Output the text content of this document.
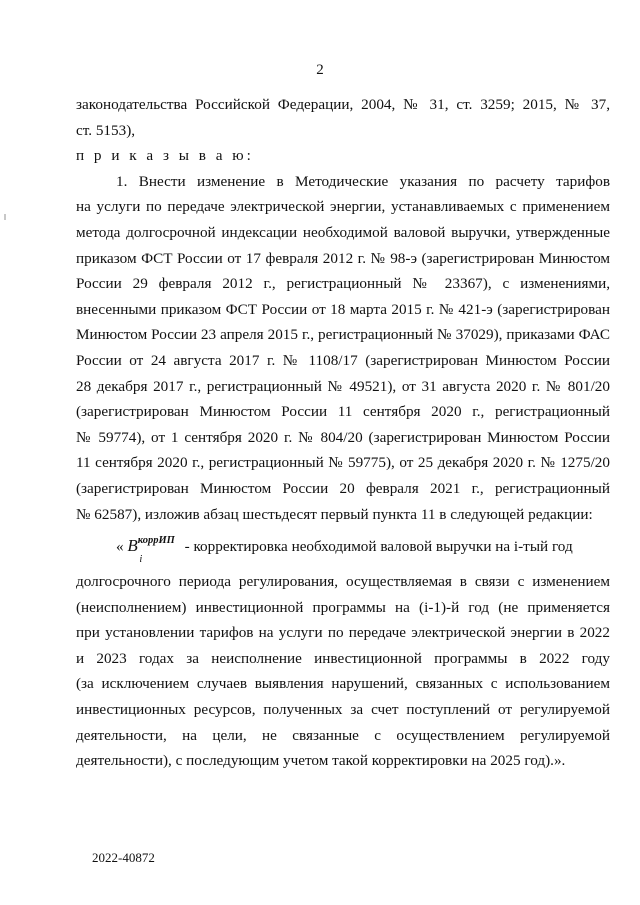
2

законодательства Российской Федерации, 2004, № 31, ст. 3259; 2015, № 37,
ст. 5153),

п р и к а з ы в а ю:

1. Внести изменение в Методические указания по расчету тарифов
на услуги по передаче электрической энергии, устанавливаемых с применением
метода долгосрочной индексации необходимой валовой выручки, утвержденные
приказом ФСТ России от 17 февраля 2012 г. № 98-э (зарегистрирован Минюстом
России 29 февраля 2012 г., регистрационный № 23367), с изменениями,
внесенными приказом ФСТ России от 18 марта 2015 г. № 421-э (зарегистрирован
Минюстом России 23 апреля 2015 г., регистрационный № 37029), приказами ФАС
России от 24 августа 2017 г. № 1108/17 (зарегистрирован Минюстом России
28 декабря 2017 г., регистрационный № 49521), от 31 августа 2020 г. № 801/20
(зарегистрирован Минюстом России 11 сентября 2020 г., регистрационный
№ 59774), от 1 сентября 2020 г. № 804/20 (зарегистрирован Минюстом России
11 сентября 2020 г., регистрационный № 59775), от 25 декабря 2020 г. № 1275/20
(зарегистрирован Минюстом России 20 февраля 2021 г., регистрационный
№ 62587), изложив абзац шестьдесят первый пункта 11 в следующей редакции:

« $B^{коррИП}$
i
- корректировка необходимой валовой выручки на i-тый год
долгосрочного периода регулирования, осуществляемая в связи с изменением
(неисполнением) инвестиционной программы на (i-1)-й год (не применяется
при установлении тарифов на услуги по передаче электрической энергии в 2022
и 2023 годах за неисполнение инвестиционной программы в 2022 году
(за исключением случаев выявления нарушений, связанных с использованием
инвестиционных ресурсов, полученных за счет поступлений от регулируемой
деятельности, на цели, не связанные с осуществлением регулируемой
деятельности), с последующим учетом такой корректировки на 2025 год).».

2022-40872
